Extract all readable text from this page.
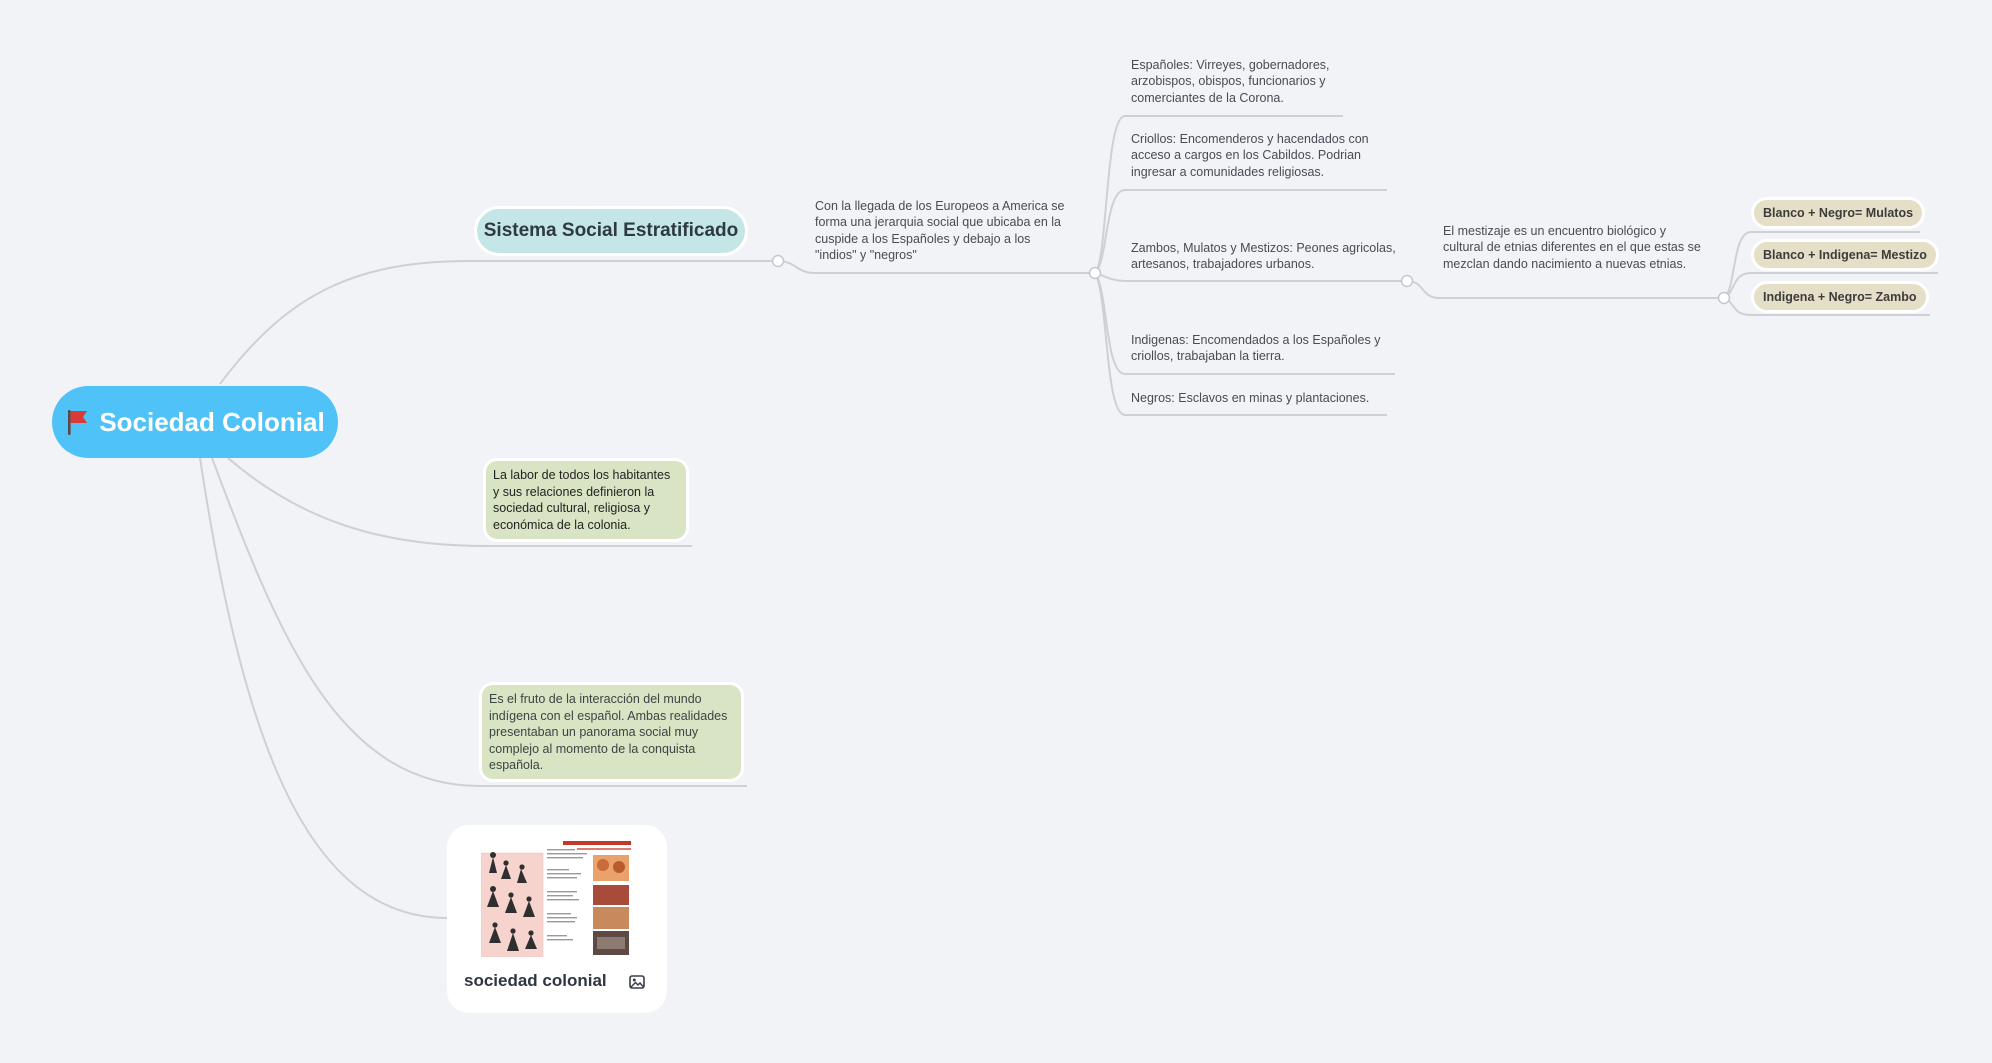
Sociedad Colonial
Sistema Social Estratificado
Con la llegada de los Europeos a America se forma una jerarquia social que ubicaba en la cuspide a los Españoles y debajo a los "indios" y "negros"
Españoles: Virreyes, gobernadores, arzobispos, obispos, funcionarios y comerciantes de la Corona.
Criollos: Encomenderos y hacendados con acceso a cargos en los Cabildos. Podrian ingresar a comunidades religiosas.
Zambos, Mulatos y Mestizos: Peones agricolas, artesanos, trabajadores urbanos.
Indigenas: Encomendados a los Españoles y criollos, trabajaban la tierra.
Negros: Esclavos en minas y plantaciones.
El mestizaje es un encuentro biológico y cultural de etnias diferentes en el que estas se mezclan dando nacimiento a nuevas etnias.
Blanco + Negro= Mulatos
Blanco + Indigena= Mestizo
Indigena + Negro= Zambo
La labor de todos los habitantes y sus relaciones definieron la sociedad cultural, religiosa y económica de la colonia.
Es el fruto de la interacción del mundo indígena con el español. Ambas realidades presentaban un panorama social muy complejo al momento de la conquista española.
sociedad colonial
